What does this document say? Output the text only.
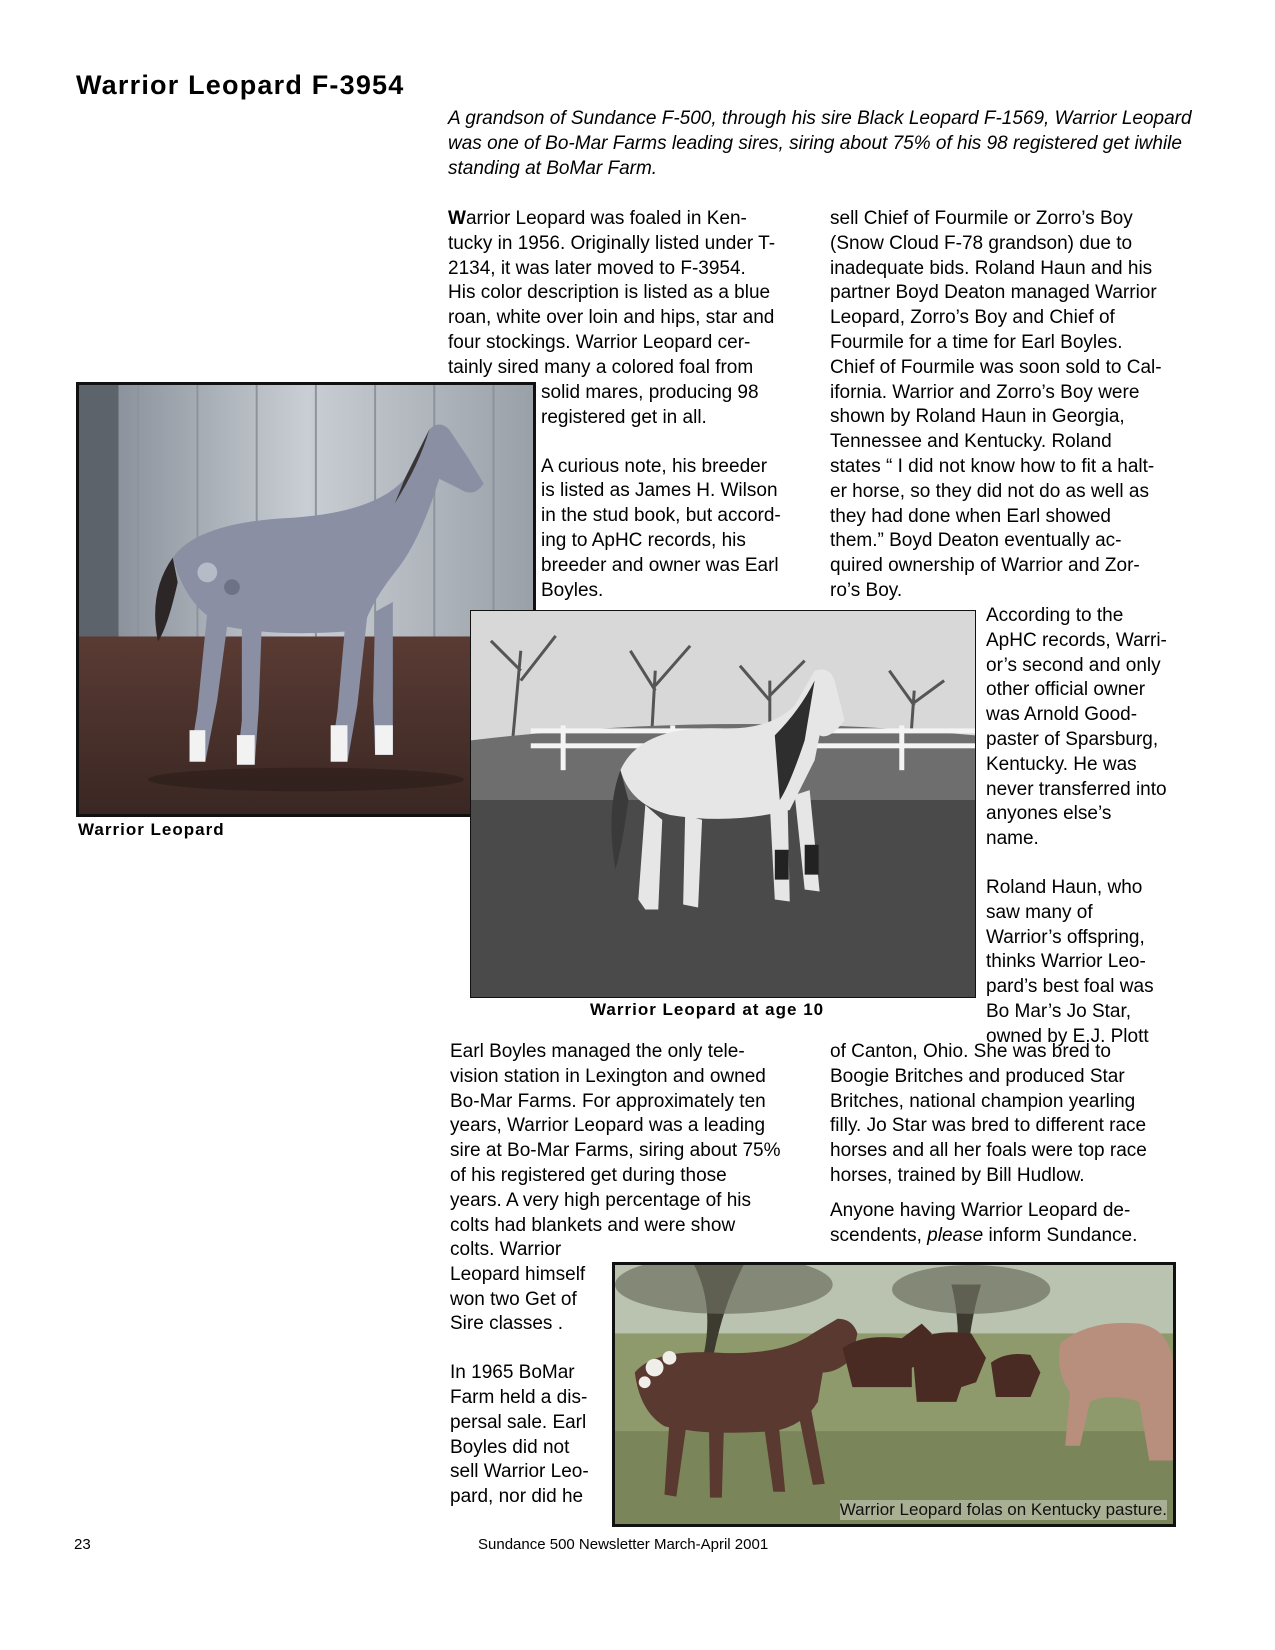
Warrior Leopard F-3954

A grandson of Sundance F-500, through his sire Black Leopard F-1569, Warrior Leopard was one of Bo-Mar Farms leading sires, siring about 75% of his 98 registered get iwhile standing at BoMar Farm.

Warrior Leopard was foaled in Ken-
tucky in 1956. Originally listed under T-
2134, it was later moved to F-3954.
His color description is listed as a blue
roan, white over loin and hips, star and
four stockings. Warrior Leopard cer-
tainly sired many a colored foal from

solid mares, producing 98
registered get in all.

A curious note, his breeder
is listed as James H. Wilson
in the stud book, but accord-
ing to ApHC records, his
breeder and owner was Earl
Boyles.

sell Chief of Fourmile or Zorro’s Boy
(Snow Cloud F-78 grandson) due to
inadequate bids. Roland Haun and his
partner Boyd Deaton managed Warrior
Leopard, Zorro’s Boy and Chief of
Fourmile for a time for Earl Boyles.
Chief of Fourmile was soon sold to Cal-
ifornia. Warrior and Zorro’s Boy were
shown by Roland Haun in Georgia,
Tennessee and Kentucky. Roland
states “ I did not know how to fit a halt-
er horse, so they did not do as well as
they had done when Earl showed
them.” Boyd Deaton eventually ac-
quired ownership of Warrior and Zor-
ro’s Boy.

According to the
ApHC records, Warri-
or’s second and only
other official owner
was Arnold Good-
paster of Sparsburg,
Kentucky. He was
never transferred into
anyones else’s
name.

Roland Haun, who
saw many of
Warrior’s offspring,
thinks Warrior Leo-
pard’s best foal was
Bo Mar’s Jo Star,
owned by E.J. Plott

Warrior Leopard

Warrior Leopard at age 10

Earl Boyles managed the only tele-
vision station in Lexington and owned
Bo-Mar Farms. For approximately ten
years, Warrior Leopard was a leading
sire at Bo-Mar Farms, siring about 75%
of his registered get during those
years. A very high percentage of his
colts had blankets and were show

colts. Warrior
Leopard himself
won two Get of
Sire classes .

In 1965 BoMar
Farm held a dis-
persal sale. Earl
Boyles did not
sell Warrior Leo-
pard, nor did he

of Canton, Ohio. She was bred to
Boogie Britches and produced Star
Britches, national champion yearling
filly. Jo Star was bred to different race
horses and all her foals were top race
horses, trained by Bill Hudlow.

Anyone having Warrior Leopard de-
scendents, please inform Sundance.

Warrior Leopard folas on Kentucky pasture.

23	Sundance 500 Newsletter March-April 2001
